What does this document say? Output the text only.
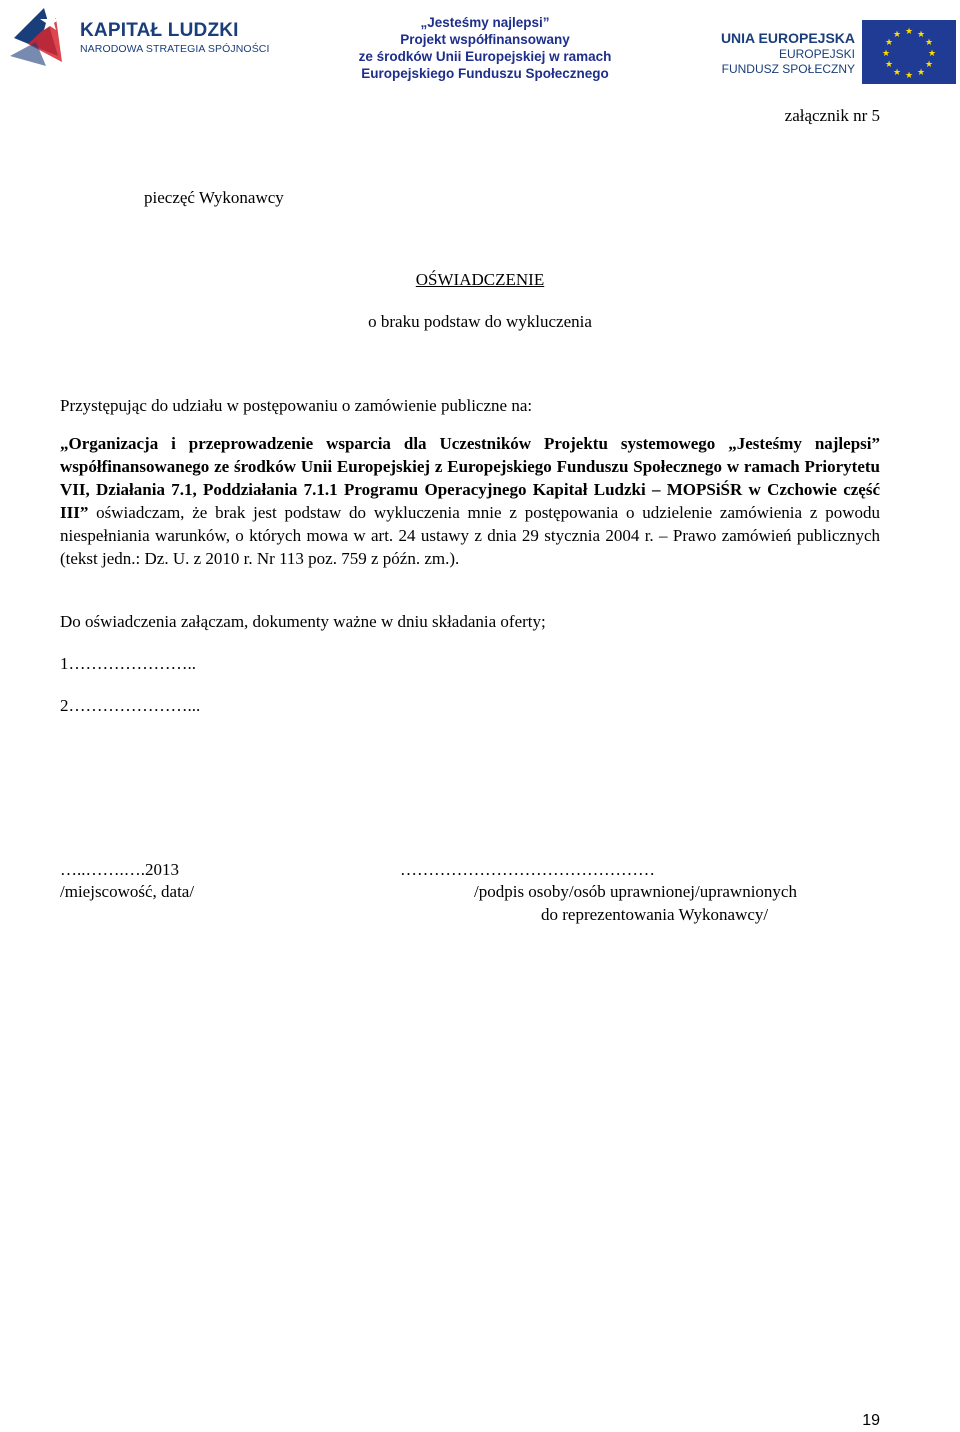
KAPITAŁ LUDZKI
NARODOWA STRATEGIA SPÓJNOŚCI
„Jesteśmy najlepsi”
Projekt współfinansowany
ze środków Unii Europejskiej w ramach
Europejskiego Funduszu Społecznego
UNIA EUROPEJSKA
EUROPEJSKI
FUNDUSZ SPOŁECZNY
★ ★
★
★
★
★
★
★
★
★
★
★
załącznik nr 5
pieczęć Wykonawcy
OŚWIADCZENIE
o braku podstaw do wykluczenia
Przystępując do udziału w postępowaniu o zamówienie publiczne na:
„Organizacja i przeprowadzenie wsparcia dla Uczestników Projektu systemowego „Jesteśmy najlepsi” współfinansowanego ze środków Unii Europejskiej z Europejskiego Funduszu Społecznego w ramach Priorytetu VII, Działania 7.1, Poddziałania 7.1.1 Programu Operacyjnego Kapitał Ludzki – MOPSiŚR w Czchowie część III” oświadczam, że brak jest podstaw do wykluczenia mnie z postępowania o udzielenie zamówienia z powodu niespełniania warunków, o których mowa w art. 24 ustawy z dnia 29 stycznia 2004 r. – Prawo zamówień publicznych (tekst jedn.: Dz. U. z 2010 r. Nr 113 poz. 759 z późn. zm.).
Do oświadczenia załączam, dokumenty ważne w dniu składania oferty;
1…………………..
2…………………...
…..…….….2013
/miejscowość, data/
………………………………………
/podpis osoby/osób uprawnionej/uprawnionych
do reprezentowania Wykonawcy/
19
